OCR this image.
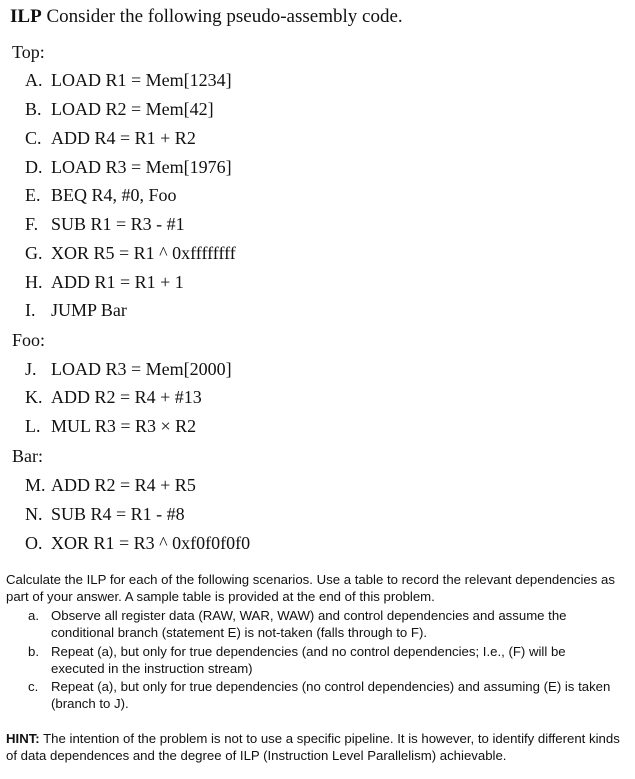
ILP Consider the following pseudo-assembly code.
Top:
A. LOAD R1 = Mem[1234]
B. LOAD R2 = Mem[42]
C. ADD R4 = R1 + R2
D. LOAD R3 = Mem[1976]
E. BEQ R4, #0, Foo
F. SUB R1 = R3 - #1
G. XOR R5 = R1 ^ 0xffffffff
H. ADD R1 = R1 + 1
I. JUMP Bar
Foo:
J. LOAD R3 = Mem[2000]
K. ADD R2 = R4 + #13
L. MUL R3 = R3 × R2
Bar:
M. ADD R2 = R4 + R5
N. SUB R4 = R1 - #8
O. XOR R1 = R3 ^ 0xf0f0f0f0
Calculate the ILP for each of the following scenarios. Use a table to record the relevant dependencies as part of your answer. A sample table is provided at the end of this problem.
a. Observe all register data (RAW, WAR, WAW) and control dependencies and assume the conditional branch (statement E) is not-taken (falls through to F).
b. Repeat (a), but only for true dependencies (and no control dependencies; I.e., (F) will be executed in the instruction stream)
c. Repeat (a), but only for true dependencies (no control dependencies) and assuming (E) is taken (branch to J).
HINT: The intention of the problem is not to use a specific pipeline. It is however, to identify different kinds of data dependences and the degree of ILP (Instruction Level Parallelism) achievable.
